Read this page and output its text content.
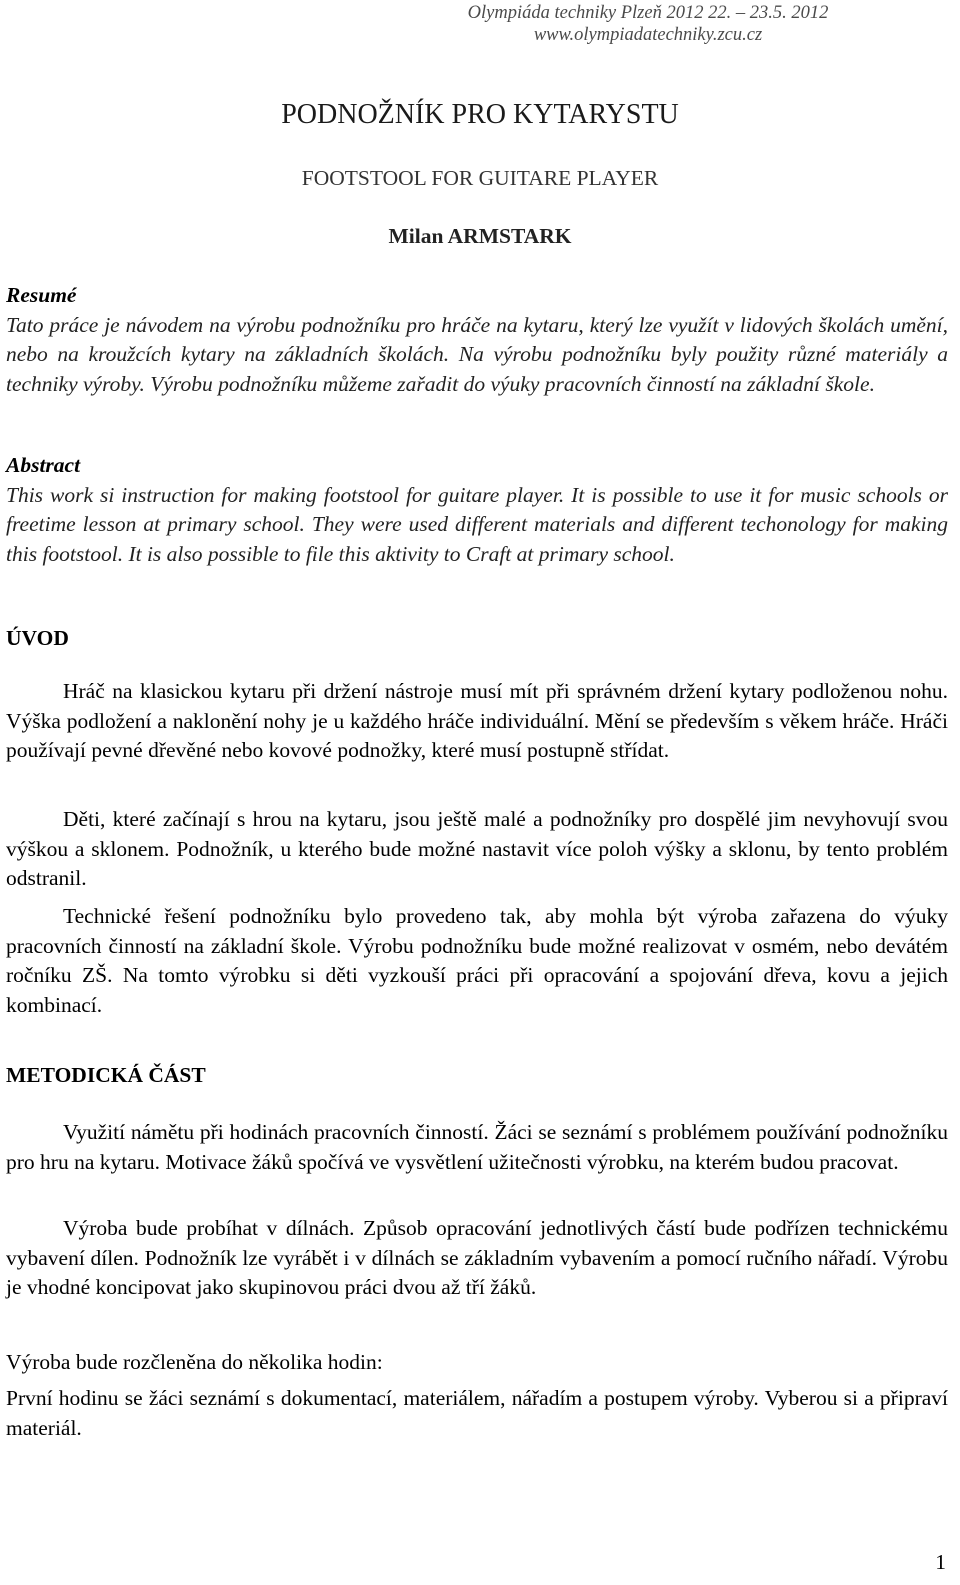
Olympiáda techniky Plzeň 2012 22. – 23.5. 2012
www.olympiadatechniky.zcu.cz
PODNOŽNÍK PRO KYTARYSTU
FOOTSTOOL FOR GUITARE PLAYER
Milan ARMSTARK
Resumé

Tato práce je návodem na výrobu podnožníku pro hráče na kytaru, který lze využít v lidových školách umění, nebo na kroužcích kytary na základních školách. Na výrobu podnožníku byly použity různé materiály a techniky výroby. Výrobu podnožníku můžeme zařadit do výuky pracovních činností na základní škole.

Abstract

This work si instruction for making footstool for guitare player. It is possible to use it for music schools or freetime lesson at primary school. They were used different materials and different techonology for making this footstool. It is also possible to file this aktivity to Craft at primary school.

ÚVOD

Hráč na klasickou kytaru při držení nástroje musí mít při správném držení kytary podloženou nohu. Výška podložení a naklonění nohy je u každého hráče individuální. Mění se především s věkem hráče. Hráči používají pevné dřevěné nebo kovové podnožky, které musí postupně střídat.

Děti, které začínají s hrou na kytaru, jsou ještě malé a podnožníky pro dospělé jim nevyhovují svou výškou a sklonem. Podnožník, u kterého bude možné nastavit více poloh výšky a sklonu, by tento problém odstranil.

Technické řešení podnožníku bylo provedeno tak, aby mohla být výroba zařazena do výuky pracovních činností na základní škole. Výrobu podnožníku bude možné realizovat v osmém, nebo devátém ročníku ZŠ. Na tomto výrobku si děti vyzkouší práci při opracování a spojování dřeva, kovu a jejich kombinací.

METODICKÁ ČÁST

Využití námětu při hodinách pracovních činností. Žáci se seznámí s problémem používání podnožníku pro hru na kytaru. Motivace žáků spočívá ve vysvětlení užitečnosti výrobku, na kterém budou pracovat.

Výroba bude probíhat v dílnách. Způsob opracování jednotlivých částí bude podřízen technickému vybavení dílen. Podnožník lze vyrábět i v dílnách se základním vybavením a pomocí ručního nářadí. Výrobu je vhodné koncipovat jako skupinovou práci dvou až tří žáků.

Výroba bude rozčleněna do několika hodin:

První hodinu se žáci seznámí s dokumentací, materiálem, nářadím a postupem výroby. Vyberou si a připraví materiál.

1
